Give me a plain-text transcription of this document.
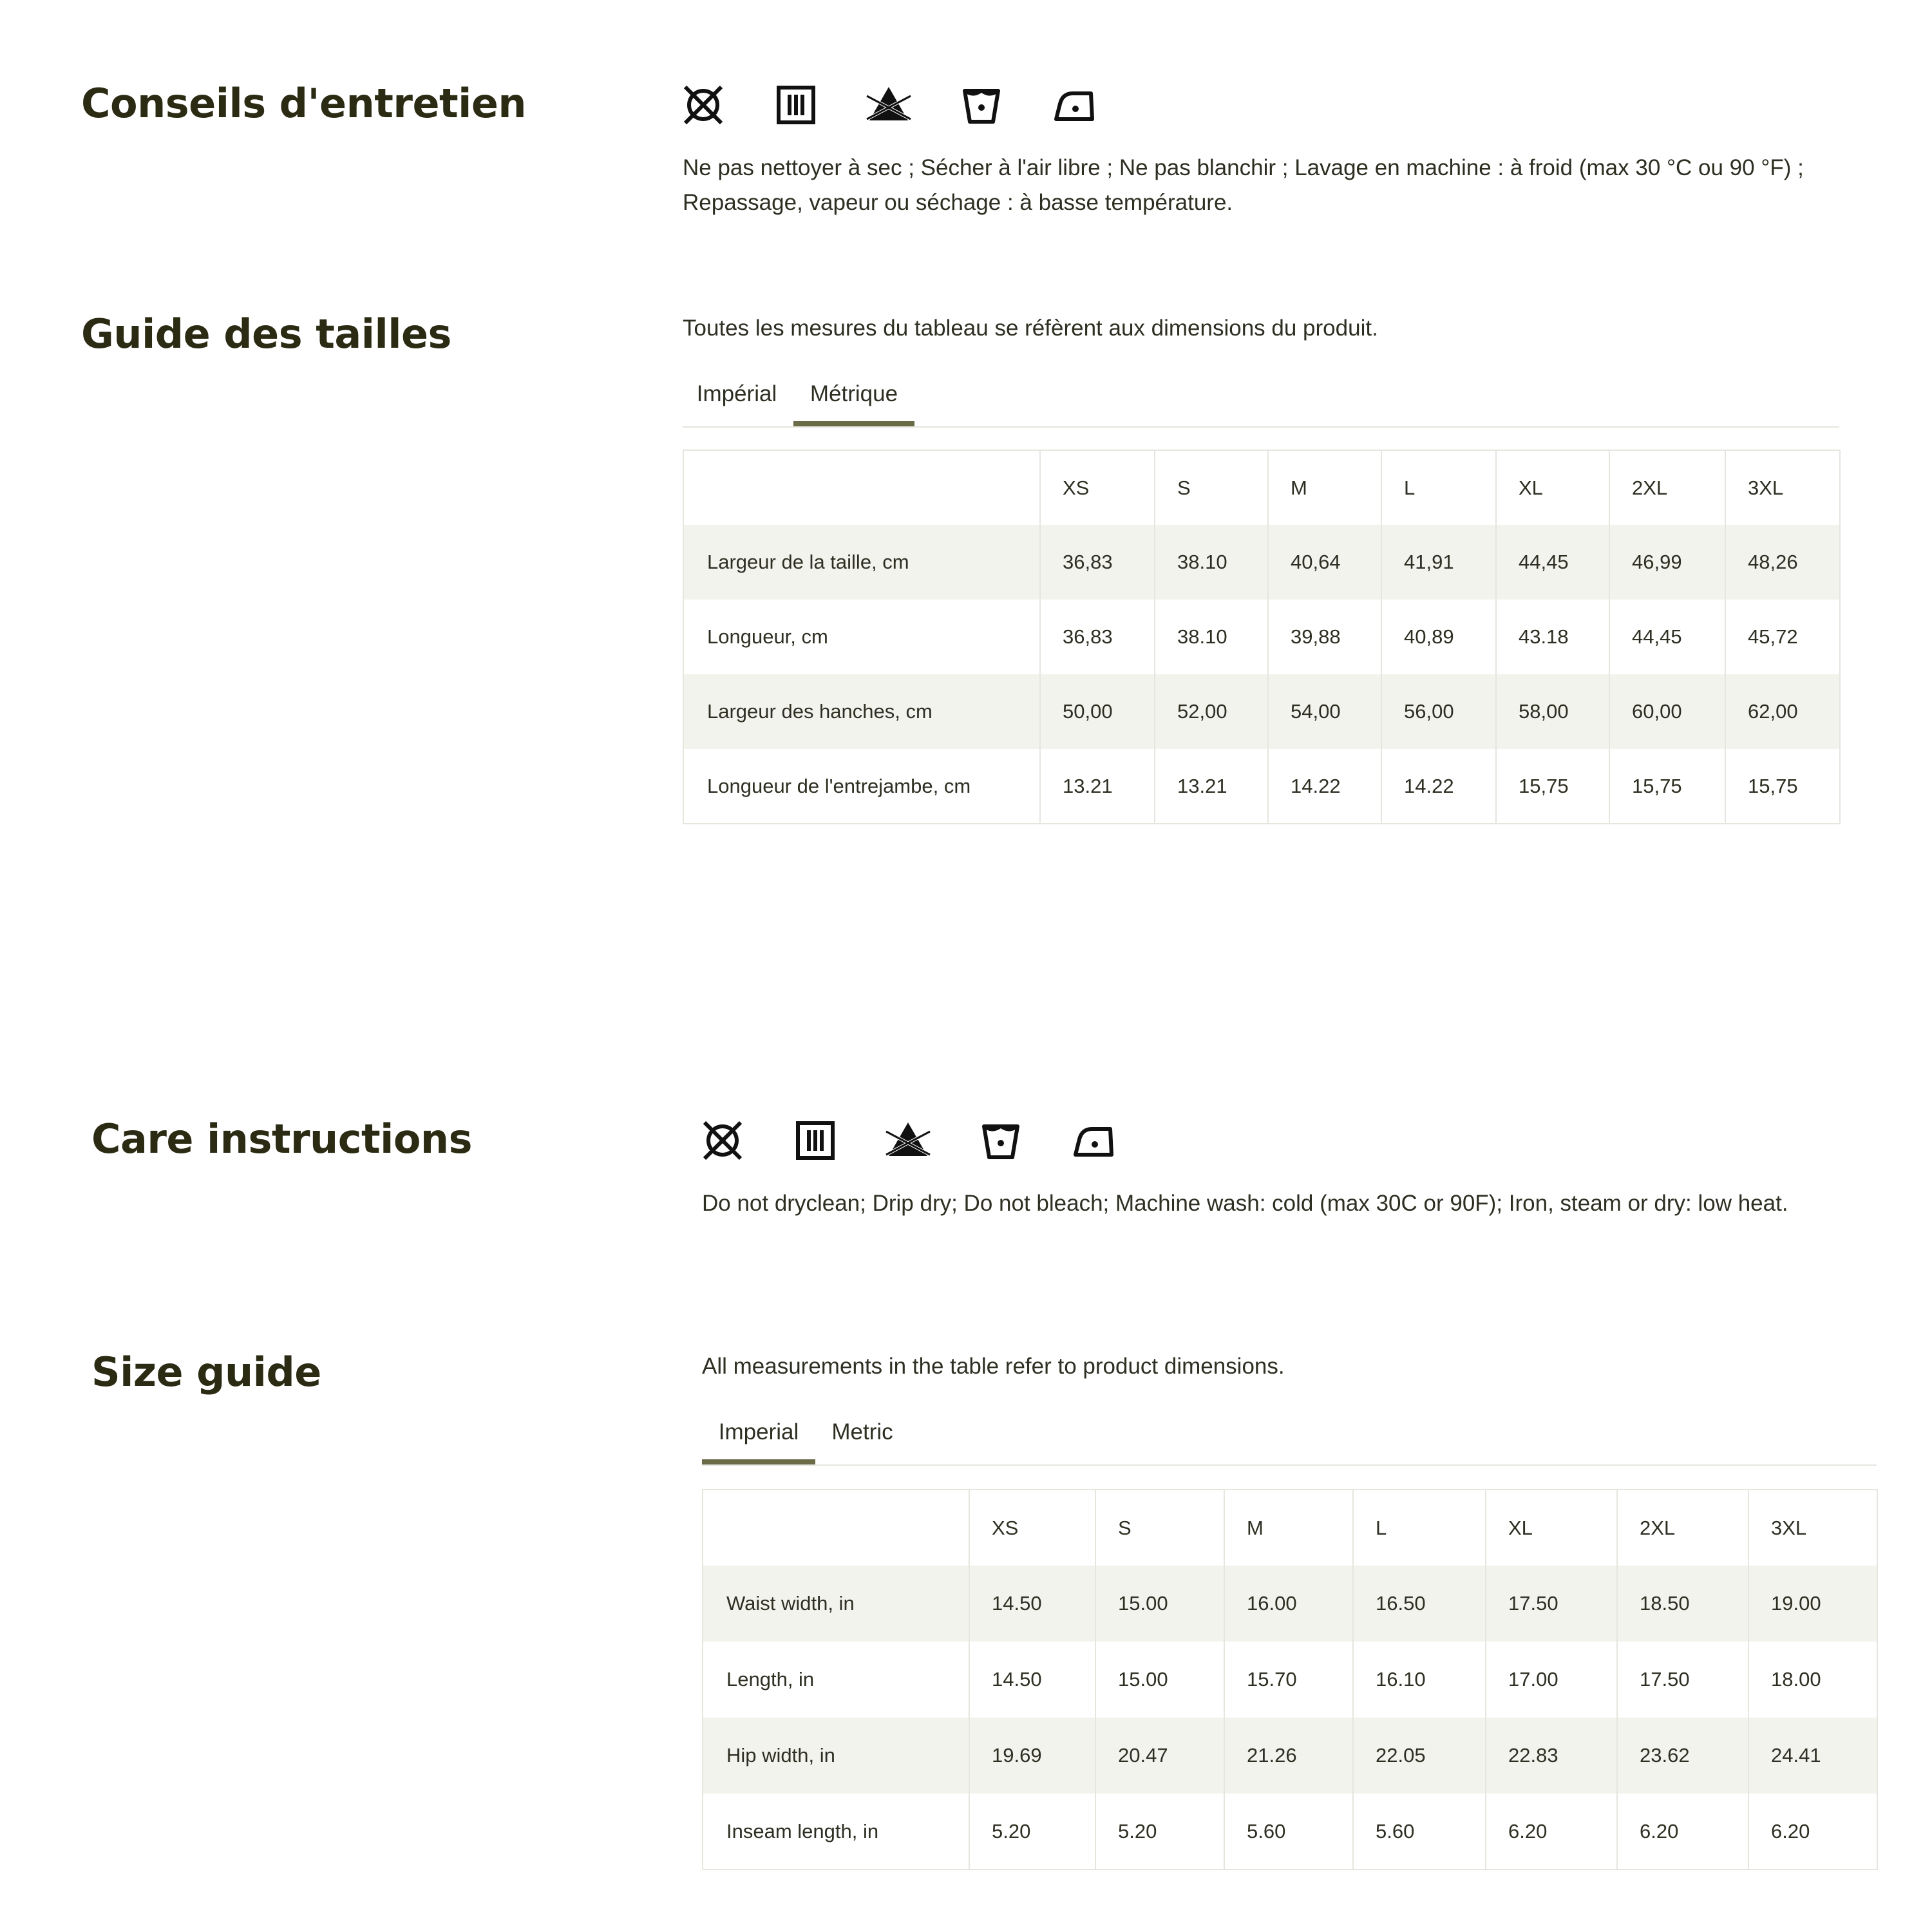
Conseils d'entretien

Ne pas nettoyer à sec ; Sécher à l'air libre ; Ne pas blanchir ; Lavage en machine : à froid (max 30 °C ou 90 °F) ; Repassage, vapeur ou séchage : à basse température.

Guide des tailles	Toutes les mesures du tableau se réfèrent aux dimensions du produit.

Impérial	Métrique
	XS	S	M	L	XL	2XL	3XL
Largeur de la taille, cm	36,83	38.10	40,64	41,91	44,45	46,99	48,26
Longueur, cm	36,83	38.10	39,88	40,89	43.18	44,45	45,72
Largeur des hanches, cm	50,00	52,00	54,00	56,00	58,00	60,00	62,00
Longueur de l'entrejambe, cm	13.21	13.21	14.22	14.22	15,75	15,75	15,75
Care instructions

Do not dryclean; Drip dry; Do not bleach; Machine wash: cold (max 30C or 90F); Iron, steam or dry: low heat.

Size guide	All measurements in the table refer to product dimensions.

Imperial	Metric
	XS	S	M	L	XL	2XL	3XL
Waist width, in	14.50	15.00	16.00	16.50	17.50	18.50	19.00
Length, in	14.50	15.00	15.70	16.10	17.00	17.50	18.00
Hip width, in	19.69	20.47	21.26	22.05	22.83	23.62	24.41
Inseam length, in	5.20	5.20	5.60	5.60	6.20	6.20	6.20
